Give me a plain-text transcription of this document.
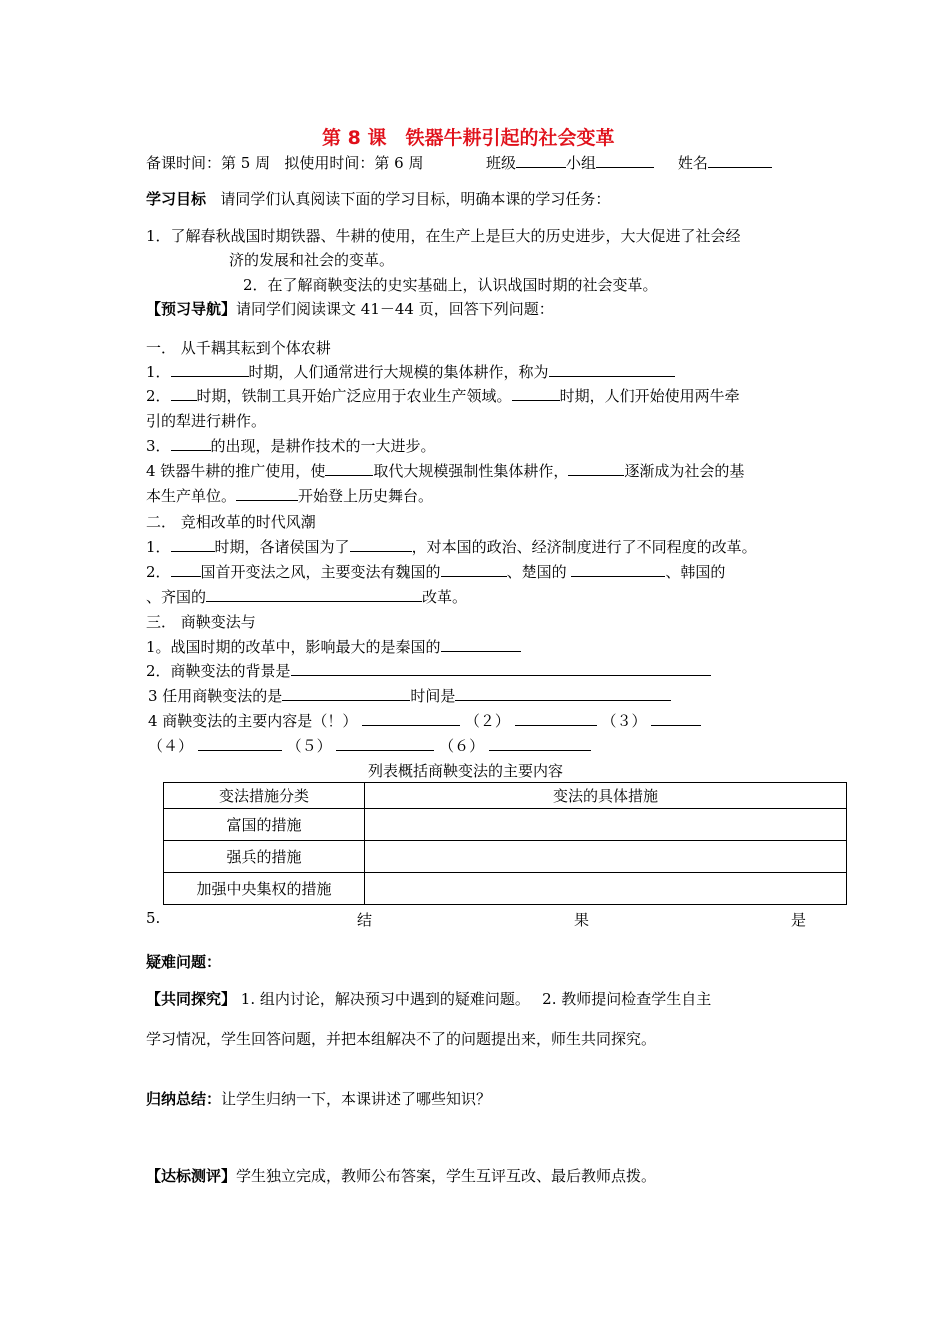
第 8 课　铁器牛耕引起的社会变革
备课时间：第 5 周 拟使用时间：第 6 周	班级	小组	姓名
学习目标 请同学们认真阅读下面的学习目标，明确本课的学习任务：
1．了解春秋战国时期铁器、牛耕的使用，在生产上是巨大的历史进步，大大促进了社会经
济的发展和社会的变革。
2．在了解商鞅变法的史实基础上，认识战国时期的社会变革。
【预习导航】请同学们阅读课文 41－44 页，回答下列问题：
一． 从千耦其耘到个体农耕
1．	时期，人们通常进行大规模的集体耕作，称为
2． 时期，铁制工具开始广泛应用于农业生产领域。	时期，人们开始使用两牛牵
引的犁进行耕作。
3．	的出现，是耕作技术的一大进步。
4 铁器牛耕的推广使用，使	取代大规模强制性集体耕作，	逐渐成为社会的基
本生产单位。	开始登上历史舞台。
二． 竞相改革的时代风潮
1．	时期，各诸侯国为了	，对本国的政治、经济制度进行了不同程度的改革。
2． 国首开变法之风，主要变法有魏国的	、楚国的	、韩国的
、齐国的	改革。
三． 商鞅变法与
1。战国时期的改革中，影响最大的是秦国的
2．商鞅变法的背景是
3 任用商鞅变法的是	时间是
4 商鞅变法的主要内容是（！）	（２）	（３）
（４）	（５）	（６）
列表概括商鞅变法的主要内容
变法措施分类	变法的具体措施
富国的措施	
强兵的措施	
加强中央集权的措施	
5.	结	果	是
疑难问题：
【共同探究】 1. 组内讨论，解决预习中遇到的疑难问题。　 2. 教师提问检查学生自主
学习情况，学生回答问题，并把本组解决不了的问题提出来，师生共同探究。
归纳总结：让学生归纳一下，本课讲述了哪些知识？
【达标测评】学生独立完成，教师公布答案，学生互评互改、最后教师点拨。
